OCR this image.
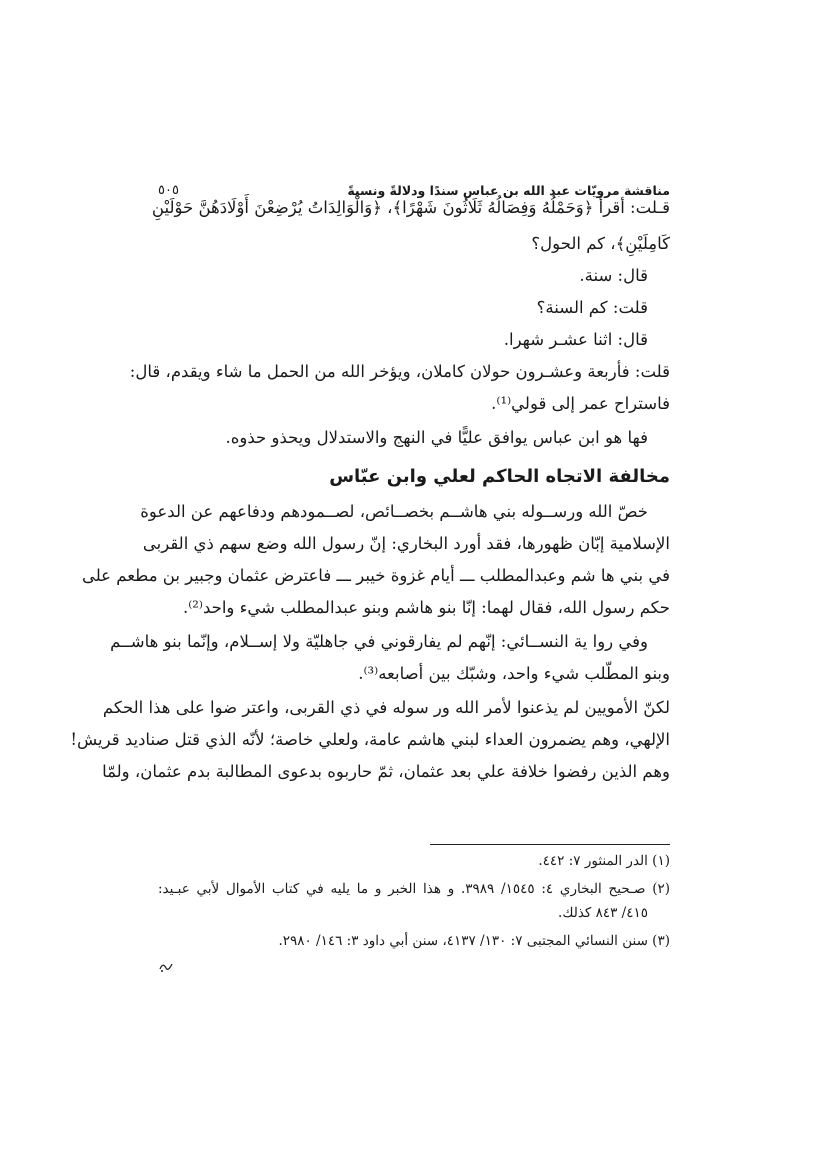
مناقشة مرويّات عبد الله بن عباس سندًا ودلالةً ونسبةً
٥٠٥
قـلت: أقرأ ﴿وَحَمْلُهُ وَفِصَالُهُ ثَلَاثُونَ شَهْرًا﴾، ﴿وَالْوَالِدَاتُ يُرْضِعْنَ أَوْلَادَهُنَّ حَوْلَيْنِ
كَامِلَيْنِ﴾، كم الحول؟
قال: سنة.
قلت: كم السنة؟
قال: اثنا عشـر شهرا.
قلت: فأربعة وعشـرون حولان كاملان، ويؤخر الله من الحمل ما شاء ويقدم، قال:
فاستراح عمر إلى قولي⁽¹⁾.
فها هو ابن عباس يوافق عليًّا في النهج والاستدلال ويحذو حذوه.
مخالفة الاتجاه الحاكم لعلي وابن عبّاس
خصّ الله ورســوله بني هاشــم بخصــائص، لصــمودهم ودفاعهم عن الدعوة
الإسلامية إبّان ظهورها، فقد أورد البخاري: إنّ رسول الله وضع سهم ذي القربى
في بني ها شم وعبدالمطلب ـــ أيام غزوة خيبر ـــ فاعترض عثمان وجبير بن مطعم على
حكم رسول الله، فقال لهما: إنّا بنو هاشم وبنو عبدالمطلب شيء واحد⁽²⁾.
وفي روا ية النســائي: إنّهم لم يفارقوني في جاهليّة ولا إســلام، وإنّما بنو هاشــم
وبنو المطّلب شيء واحد، وشبّك بين أصابعه⁽³⁾.
لكنّ الأمويين لم يذعنوا لأمر الله ور سوله في ذي القربى، واعتر ضوا على هذا الحكم
الإلهي، وهم يضمرون العداء لبني هاشم عامة، ولعلي خاصة؛ لأنّه الذي قتل صناديد قريش!
وهم الذين رفضوا خلافة علي بعد عثمان، ثمّ حاربوه بدعوى المطالبة بدم عثمان، ولمّا
(١) الدر المنثور ٧: ٤٤٢.
(٢) صـحيح البخاري ٤: ١٥٤٥/ ٣٩٨٩. و هذا الخبر و ما يليه في كتاب الأموال لأبي عبـيد:
٤١٥/ ٨٤٣ كذلك.
(٣) سنن النسائي المجتبى ٧: ١٣٠/ ٤١٣٧، سنن أبي داود ٣: ١٤٦/ ٢٩٨٠.
